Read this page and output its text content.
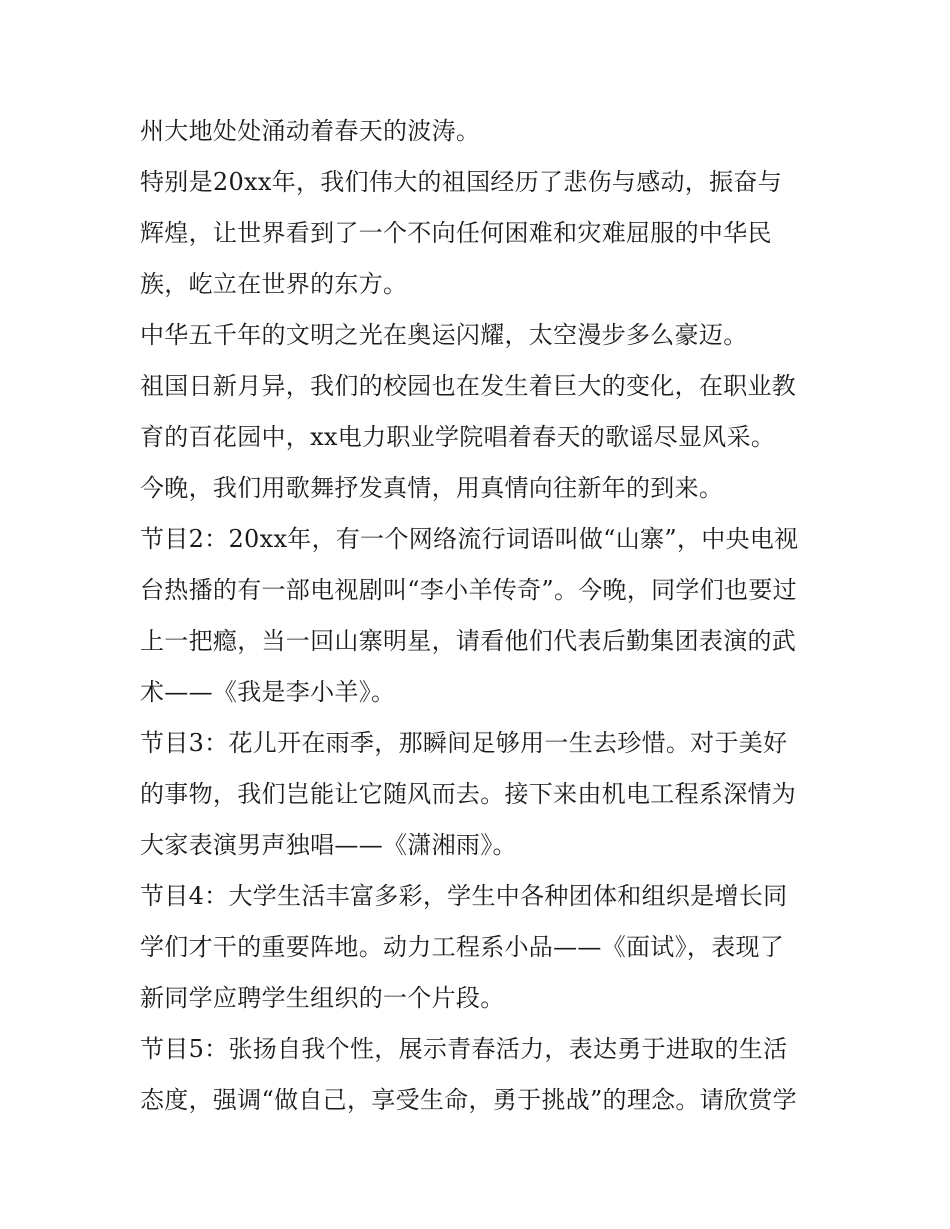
州大地处处涌动着春天的波涛。
特别是20xx年，我们伟大的祖国经历了悲伤与感动，振奋与
辉煌，让世界看到了一个不向任何困难和灾难屈服的中华民
族，屹立在世界的东方。
中华五千年的文明之光在奥运闪耀，太空漫步多么豪迈。
祖国日新月异，我们的校园也在发生着巨大的变化，在职业教
育的百花园中，xx电力职业学院唱着春天的歌谣尽显风采。
今晚，我们用歌舞抒发真情，用真情向往新年的到来。
节目2：20xx年，有一个网络流行词语叫做“山寨”，中央电视
台热播的有一部电视剧叫“李小羊传奇”。今晚，同学们也要过
上一把瘾，当一回山寨明星，请看他们代表后勤集团表演的武
术——《我是李小羊》。
节目3：花儿开在雨季，那瞬间足够用一生去珍惜。对于美好
的事物，我们岂能让它随风而去。接下来由机电工程系深情为
大家表演男声独唱——《潇湘雨》。
节目4：大学生活丰富多彩，学生中各种团体和组织是增长同
学们才干的重要阵地。动力工程系小品——《面试》，表现了
新同学应聘学生组织的一个片段。
节目5：张扬自我个性，展示青春活力，表达勇于进取的生活
态度，强调“做自己，享受生命，勇于挑战”的理念。请欣赏学
